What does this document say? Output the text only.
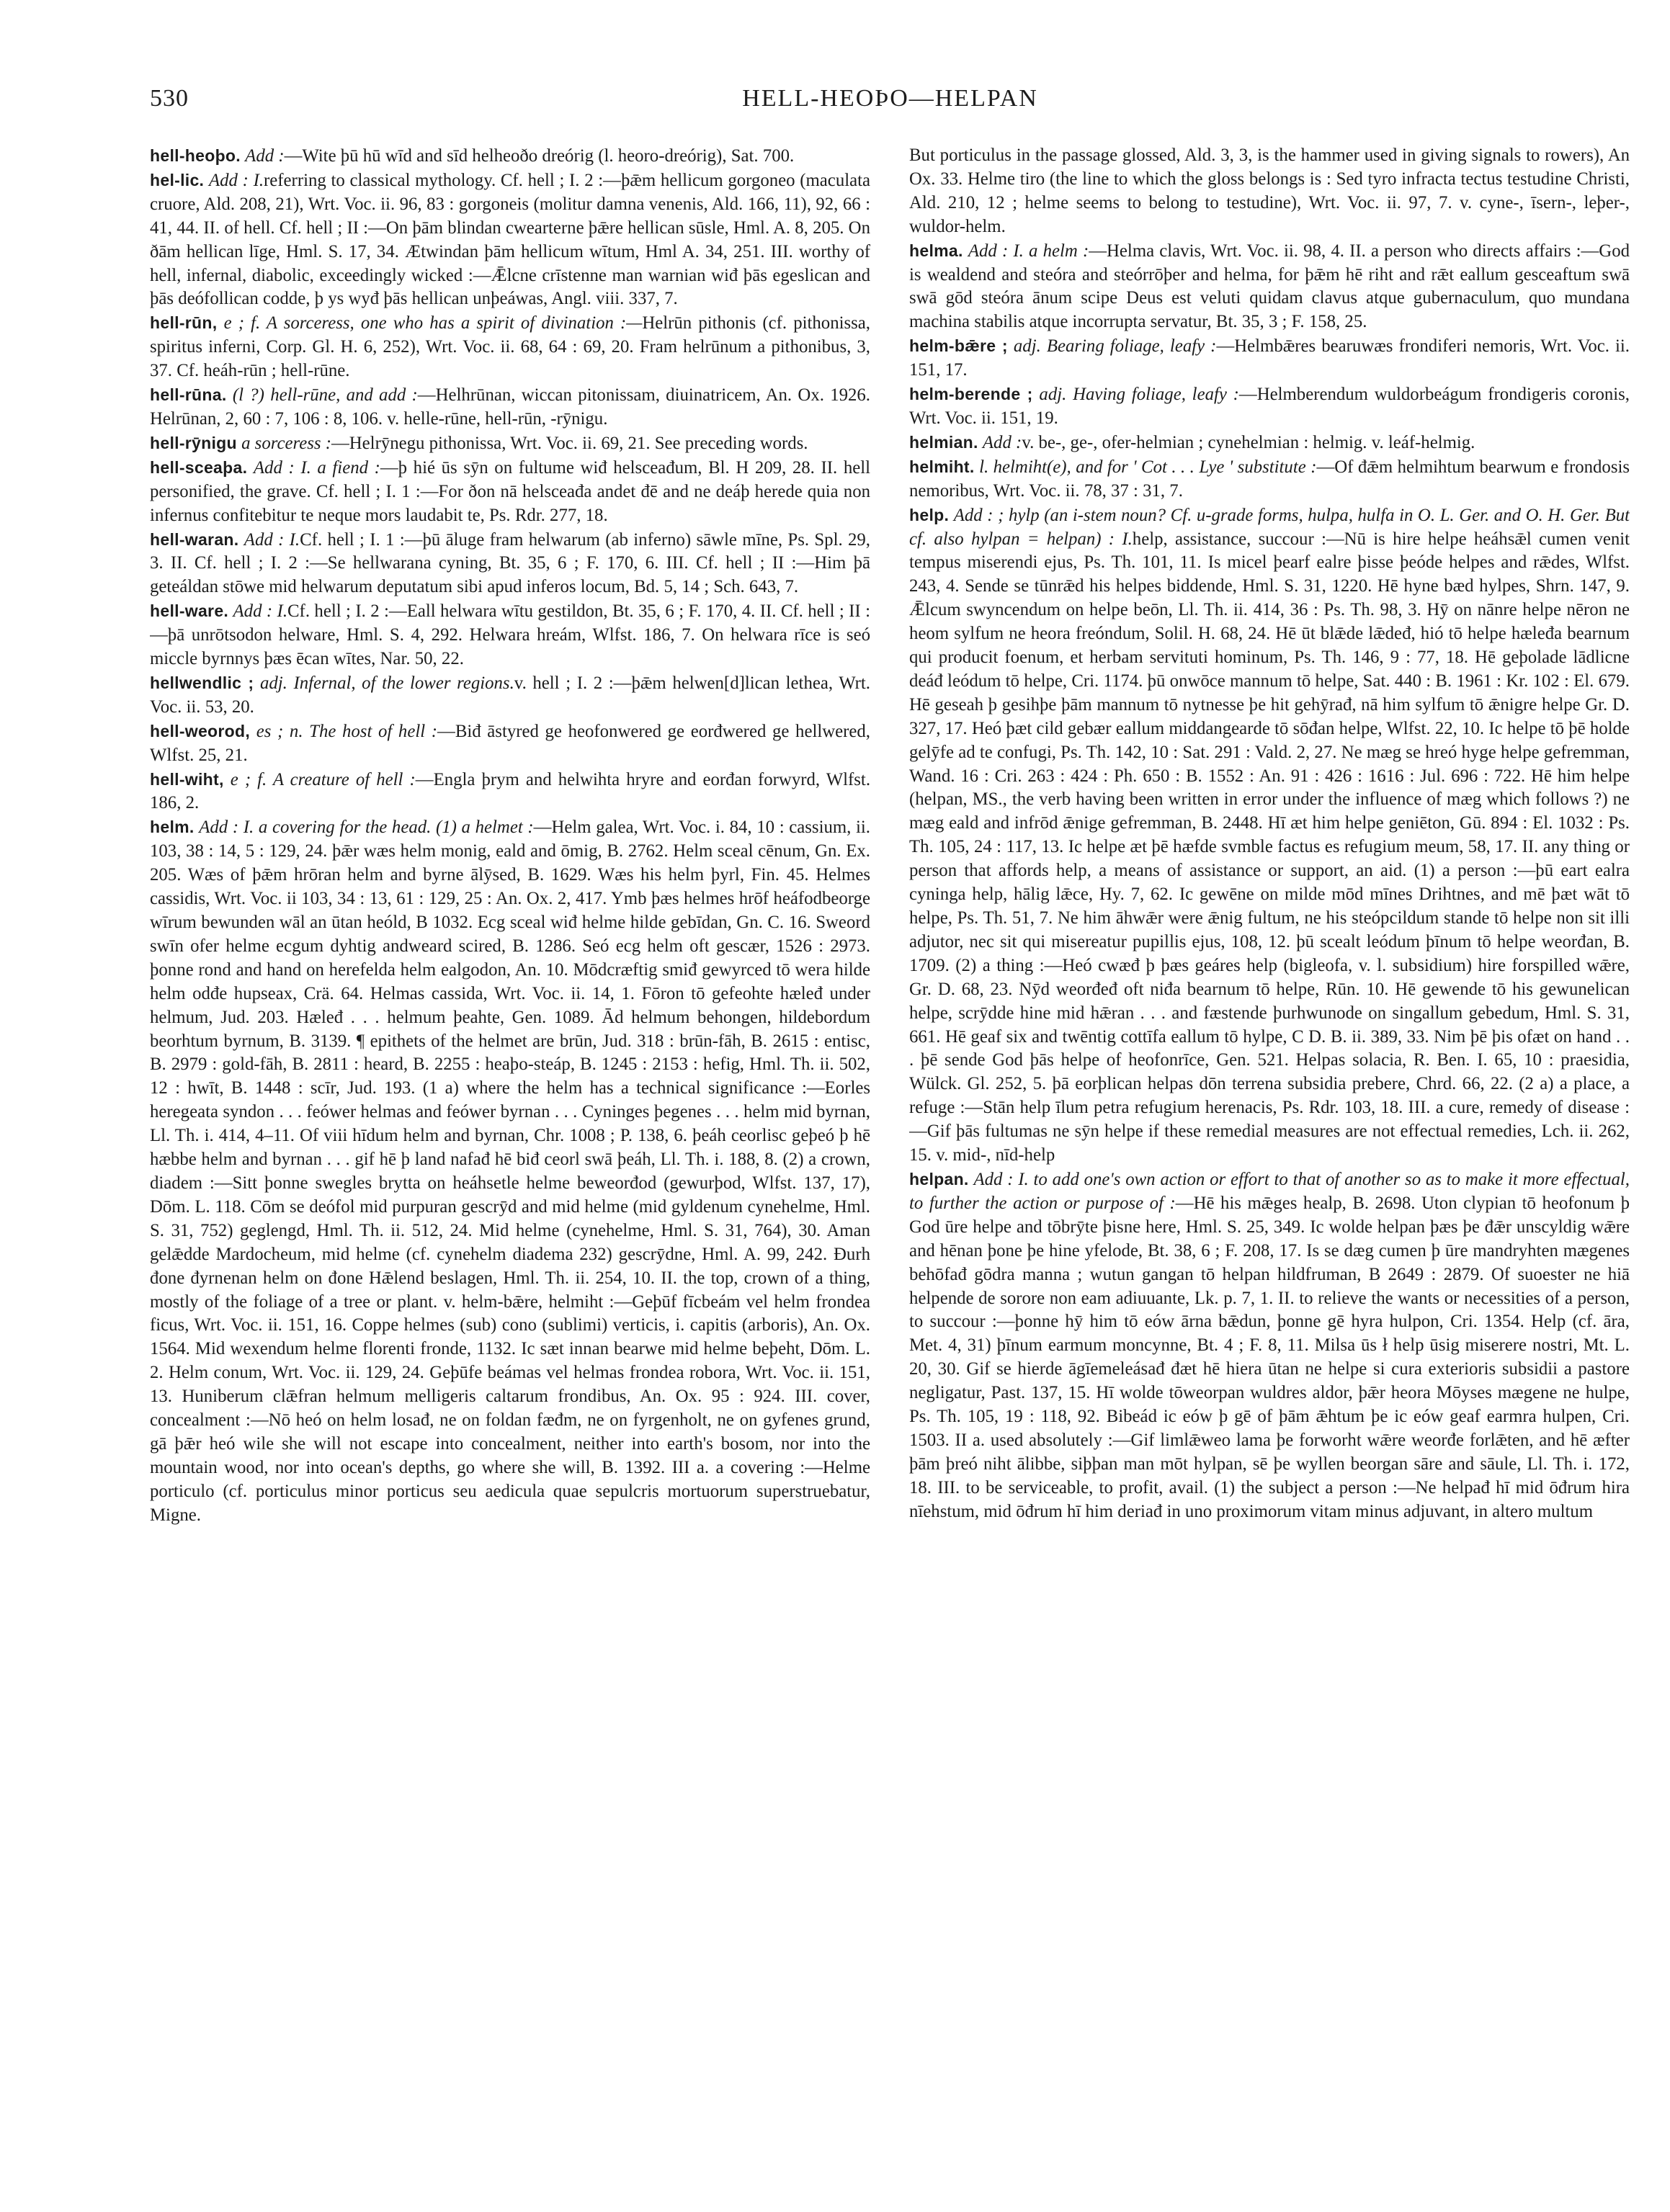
530	HELL-HEOÞO—HELPAN

hell-heoþo. Add :—Wite þū hū wīd and sīd helheoðo dreórig (l. heoro-dreórig), Sat. 700.

hel-lic. Add : I.referring to classical mythology. Cf. hell ; I. 2 :—þǣm hellicum gorgoneo (maculata cruore, Ald. 208, 21), Wrt. Voc. ii. 96, 83 : gorgoneis (molitur damna venenis, Ald. 166, 11), 92, 66 : 41, 44. II. of hell. Cf. hell ; II :—On þām blindan cwearterne þǣre hellican sūsle, Hml. A. 8, 205. On ðām hellican līge, Hml. S. 17, 34. Ætwindan þām hellicum wītum, Hml A. 34, 251. III. worthy of hell, infernal, diabolic, exceedingly wicked :—Ǣlcne crīstenne man warnian wiđ þās egeslican and þās deófollican codde, þ ys wyđ þās hellican unþeáwas, Angl. viii. 337, 7.

hell-rūn, e ; f. A sorceress, one who has a spirit of divination :—Helrūn pithonis (cf. pithonissa, spiritus inferni, Corp. Gl. H. 6, 252), Wrt. Voc. ii. 68, 64 : 69, 20. Fram helrūnum a pithonibus, 3, 37. Cf. heáh-rūn ; hell-rūne.

hell-rūna. (l ?) hell-rūne, and add :—Helhrūnan, wiccan pitonissam, diuinatricem, An. Ox. 1926. Helrūnan, 2, 60 : 7, 106 : 8, 106. v. helle-rūne, hell-rūn, -rȳnigu.

hell-rȳnigu a sorceress :—Helrȳnegu pithonissa, Wrt. Voc. ii. 69, 21. See preceding words.

hell-sceaþa. Add : I. a fiend :—þ hié ūs sȳn on fultume wiđ helsceađum, Bl. H 209, 28. II. hell personified, the grave. Cf. hell ; I. 1 :—For ðon nā helsceađa andet đē and ne deáþ herede quia non infernus confitebitur te neque mors laudabit te, Ps. Rdr. 277, 18.

hell-waran. Add : I.Cf. hell ; I. 1 :—þū āluge fram helwarum (ab inferno) sāwle mīne, Ps. Spl. 29, 3. II. Cf. hell ; I. 2 :—Se hellwarana cyning, Bt. 35, 6 ; F. 170, 6. III. Cf. hell ; II :—Him þā geteáldan stōwe mid helwarum deputatum sibi apud inferos locum, Bd. 5, 14 ; Sch. 643, 7.

hell-ware. Add : I.Cf. hell ; I. 2 :—Eall helwara wītu gestildon, Bt. 35, 6 ; F. 170, 4. II. Cf. hell ; II :—þā unrōtsodon helware, Hml. S. 4, 292. Helwara hreám, Wlfst. 186, 7. On helwara rīce is seó miccle byrnnys þæs ēcan wītes, Nar. 50, 22.

hellwendlic ; adj. Infernal, of the lower regions.v. hell ; I. 2 :—þǣm helwen[d]lican lethea, Wrt. Voc. ii. 53, 20.

hell-weorod, es ; n. The host of hell :—Biđ āstyred ge heofonwered ge eorđwered ge hellwered, Wlfst. 25, 21.

hell-wiht, e ; f. A creature of hell :—Engla þrym and helwihta hryre and eorđan forwyrd, Wlfst. 186, 2.

helm. Add : I. a covering for the head. (1) a helmet :—Helm galea, Wrt. Voc. i. 84, 10 : cassium, ii. 103, 38 : 14, 5 : 129, 24. þǣr wæs helm monig, eald and ōmig, B. 2762. Helm sceal cēnum, Gn. Ex. 205. Wæs of þǣm hrōran helm and byrne ālȳsed, B. 1629. Wæs his helm þyrl, Fin. 45. Helmes cassidis, Wrt. Voc. ii 103, 34 : 13, 61 : 129, 25 : An. Ox. 2, 417. Ymb þæs helmes hrōf heáfodbeorge wīrum bewunden wāl an ūtan heóld, B 1032. Ecg sceal wiđ helme hilde gebīdan, Gn. C. 16. Sweord swīn ofer helme ecgum dyhtig andweard scired, B. 1286. Seó ecg helm oft gescær, 1526 : 2973. þonne rond and hand on herefelda helm ealgodon, An. 10. Mōdcræftig smiđ gewyrced tō wera hilde helm odđe hupseax, Crä. 64. Helmas cassida, Wrt. Voc. ii. 14, 1. Fōron tō gefeohte hæleđ under helmum, Jud. 203. Hæleđ . . . helmum þeahte, Gen. 1089. Ād helmum behongen, hildebordum beorhtum byrnum, B. 3139. ¶ epithets of the helmet are brūn, Jud. 318 : brūn-fāh, B. 2615 : entisc, B. 2979 : gold-fāh, B. 2811 : heard, B. 2255 : heaþo-steáp, B. 1245 : 2153 : hefig, Hml. Th. ii. 502, 12 : hwīt, B. 1448 : scīr, Jud. 193. (1 a) where the helm has a technical significance :—Eorles heregeata syndon . . . feówer helmas and feówer byrnan . . . Cyninges þegenes . . . helm mid byrnan, Ll. Th. i. 414, 4–11. Of viii hīdum helm and byrnan, Chr. 1008 ; P. 138, 6. þeáh ceorlisc geþeó þ hē hæbbe helm and byrnan . . . gif hē þ land nafađ hē biđ ceorl swā þeáh, Ll. Th. i. 188, 8. (2) a crown, diadem :—Sitt þonne swegles brytta on heáhsetle helme beweorđod (gewurþod, Wlfst. 137, 17), Dōm. L. 118. Cōm se deófol mid purpuran gescrȳd and mid helme (mid gyldenum cynehelme, Hml. S. 31, 752) geglengd, Hml. Th. ii. 512, 24. Mid helme (cynehelme, Hml. S. 31, 764), 30. Aman gelǣdde Mardocheum, mid helme (cf. cynehelm diadema 232) gescrȳdne, Hml. A. 99, 242. Đurh đone đyrnenan helm on đone Hǣlend beslagen, Hml. Th. ii. 254, 10. II. the top, crown of a thing, mostly of the foliage of a tree or plant. v. helm-bǣre, helmiht :—Geþūf fīcbeám vel helm frondea ficus, Wrt. Voc. ii. 151, 16. Coppe helmes (sub) cono (sublimi) verticis, i. capitis (arboris), An. Ox. 1564. Mid wexendum helme florenti fronde, 1132. Ic sæt innan bearwe mid helme beþeht, Dōm. L. 2. Helm conum, Wrt. Voc. ii. 129, 24. Geþūfe beámas vel helmas frondea robora, Wrt. Voc. ii. 151, 13. Huniberum clǣfran helmum melligeris caltarum frondibus, An. Ox. 95 : 924. III. cover, concealment :—Nō heó on helm losađ, ne on foldan fæđm, ne on fyrgenholt, ne on gyfenes grund, gā þǣr heó wile she will not escape into concealment, neither into earth's bosom, nor into the mountain wood, nor into ocean's depths, go where she will, B. 1392. III a. a covering :—Helme porticulo (cf. porticulus minor porticus seu aedicula quae sepulcris mortuorum superstruebatur, Migne.

But porticulus in the passage glossed, Ald. 3, 3, is the hammer used in giving signals to rowers), An Ox. 33. Helme tiro (the line to which the gloss belongs is : Sed tyro infracta tectus testudine Christi, Ald. 210, 12 ; helme seems to belong to testudine), Wrt. Voc. ii. 97, 7. v. cyne-, īsern-, leþer-, wuldor-helm.

helma. Add : I. a helm :—Helma clavis, Wrt. Voc. ii. 98, 4. II. a person who directs affairs :—God is wealdend and steóra and steórrōþer and helma, for þǣm hē riht and rǣt eallum gesceaftum swā swā gōd steóra ānum scipe Deus est veluti quidam clavus atque gubernaculum, quo mundana machina stabilis atque incorrupta servatur, Bt. 35, 3 ; F. 158, 25.

helm-bǣre ; adj. Bearing foliage, leafy :—Helmbǣres bearuwæs frondiferi nemoris, Wrt. Voc. ii. 151, 17.

helm-berende ; adj. Having foliage, leafy :—Helmberendum wuldorbeágum frondigeris coronis, Wrt. Voc. ii. 151, 19.

helmian. Add :v. be-, ge-, ofer-helmian ; cynehelmian : helmig. v. leáf-helmig.

helmiht. l. helmiht(e), and for ' Cot . . . Lye ' substitute :—Of đǣm helmihtum bearwum e frondosis nemoribus, Wrt. Voc. ii. 78, 37 : 31, 7.

help. Add : ; hylp (an i-stem noun? Cf. u-grade forms, hulpa, hulfa in O. L. Ger. and O. H. Ger. But cf. also hylpan = helpan) : I.help, assistance, succour :—Nū is hire helpe heáhsǣl cumen venit tempus miserendi ejus, Ps. Th. 101, 11. Is micel þearf ealre þisse þeóde helpes and rǣdes, Wlfst. 243, 4. Sende se tūnrǣd his helpes biddende, Hml. S. 31, 1220. Hē hyne bæd hylpes, Shrn. 147, 9. Ǣlcum swyncendum on helpe beōn, Ll. Th. ii. 414, 36 : Ps. Th. 98, 3. Hȳ on nānre helpe nēron ne heom sylfum ne heora freóndum, Solil. H. 68, 24. Hē ūt blǣde lǣdeđ, hió tō helpe hæleđa bearnum qui producit foenum, et herbam servituti hominum, Ps. Th. 146, 9 : 77, 18. Hē geþolade lādlicne deáđ leódum tō helpe, Cri. 1174. þū onwōce mannum tō helpe, Sat. 440 : B. 1961 : Kr. 102 : El. 679. Hē geseah þ gesihþe þām mannum tō nytnesse þe hit gehȳrađ, nā him sylfum tō ǣnigre helpe Gr. D. 327, 17. Heó þæt cild gebær eallum middangearde tō sōđan helpe, Wlfst. 22, 10. Ic helpe tō þē holde gelȳfe ad te confugi, Ps. Th. 142, 10 : Sat. 291 : Vald. 2, 27. Ne mæg se hreó hyge helpe gefremman, Wand. 16 : Cri. 263 : 424 : Ph. 650 : B. 1552 : An. 91 : 426 : 1616 : Jul. 696 : 722. Hē him helpe (helpan, MS., the verb having been written in error under the influence of mæg which follows ?) ne mæg eald and infrōd ǣnige gefremman, B. 2448. Hī æt him helpe geniēton, Gū. 894 : El. 1032 : Ps. Th. 105, 24 : 117, 13. Ic helpe æt þē hæfde svmble factus es refugium meum, 58, 17. II. any thing or person that affords help, a means of assistance or support, an aid. (1) a person :—þū eart ealra cyninga help, hālig lǣce, Hy. 7, 62. Ic gewēne on milde mōd mīnes Drihtnes, and mē þæt wāt tō helpe, Ps. Th. 51, 7. Ne him āhwǣr were ǣnig fultum, ne his steópcildum stande tō helpe non sit illi adjutor, nec sit qui misereatur pupillis ejus, 108, 12. þū scealt leódum þīnum tō helpe weorđan, B. 1709. (2) a thing :—Heó cwæđ þ þæs geáres help (bigleofa, v. l. subsidium) hire forspilled wǣre, Gr. D. 68, 23. Nȳd weorđeđ oft niđa bearnum tō helpe, Rūn. 10. Hē gewende tō his gewunelican helpe, scrȳdde hine mid hǣran . . . and fæstende þurhwunode on singallum gebedum, Hml. S. 31, 661. Hē geaf six and twēntig cottīfa eallum tō hylpe, C D. B. ii. 389, 33. Nim þē þis ofæt on hand . . . þē sende God þās helpe of heofonrīce, Gen. 521. Helpas solacia, R. Ben. I. 65, 10 : praesidia, Wülck. Gl. 252, 5. þā eorþlican helpas dōn terrena subsidia prebere, Chrd. 66, 22. (2 a) a place, a refuge :—Stān help īlum petra refugium herenacis, Ps. Rdr. 103, 18. III. a cure, remedy of disease :—Gif þās fultumas ne sȳn helpe if these remedial measures are not effectual remedies, Lch. ii. 262, 15. v. mid-, nīd-help

helpan. Add : I. to add one's own action or effort to that of another so as to make it more effectual, to further the action or purpose of :—Hē his mǣges healp, B. 2698. Uton clypian tō heofonum þ God ūre helpe and tōbrȳte þisne here, Hml. S. 25, 349. Ic wolde helpan þæs þe đǣr unscyldig wǣre and hēnan þone þe hine yfelode, Bt. 38, 6 ; F. 208, 17. Is se dæg cumen þ ūre mandryhten mægenes behōfađ gōdra manna ; wutun gangan tō helpan hildfruman, B 2649 : 2879. Of suoester ne hiā helpende de sorore non eam adiuuante, Lk. p. 7, 1. II. to relieve the wants or necessities of a person, to succour :—þonne hȳ him tō eów ārna bǣdun, þonne gē hyra hulpon, Cri. 1354. Help (cf. āra, Met. 4, 31) þīnum earmum moncynne, Bt. 4 ; F. 8, 11. Milsa ūs ł help ūsig miserere nostri, Mt. L. 20, 30. Gif se hierde āgīemeleásađ đæt hē hiera ūtan ne helpe si cura exterioris subsidii a pastore negligatur, Past. 137, 15. Hī wolde tōweorpan wuldres aldor, þǣr heora Mōyses mægene ne hulpe, Ps. Th. 105, 19 : 118, 92. Bibeád ic eów þ gē of þām ǣhtum þe ic eów geaf earmra hulpen, Cri. 1503. II a. used absolutely :—Gif limlǣweo lama þe forworht wǣre weorđe forlǣten, and hē æfter þām þreó niht ālibbe, siþþan man mōt hylpan, sē þe wyllen beorgan sāre and sāule, Ll. Th. i. 172, 18. III. to be serviceable, to profit, avail. (1) the subject a person :—Ne helpađ hī mid ōđrum hira nīehstum, mid ōđrum hī him deriađ in uno proximorum vitam minus adjuvant, in altero multum
